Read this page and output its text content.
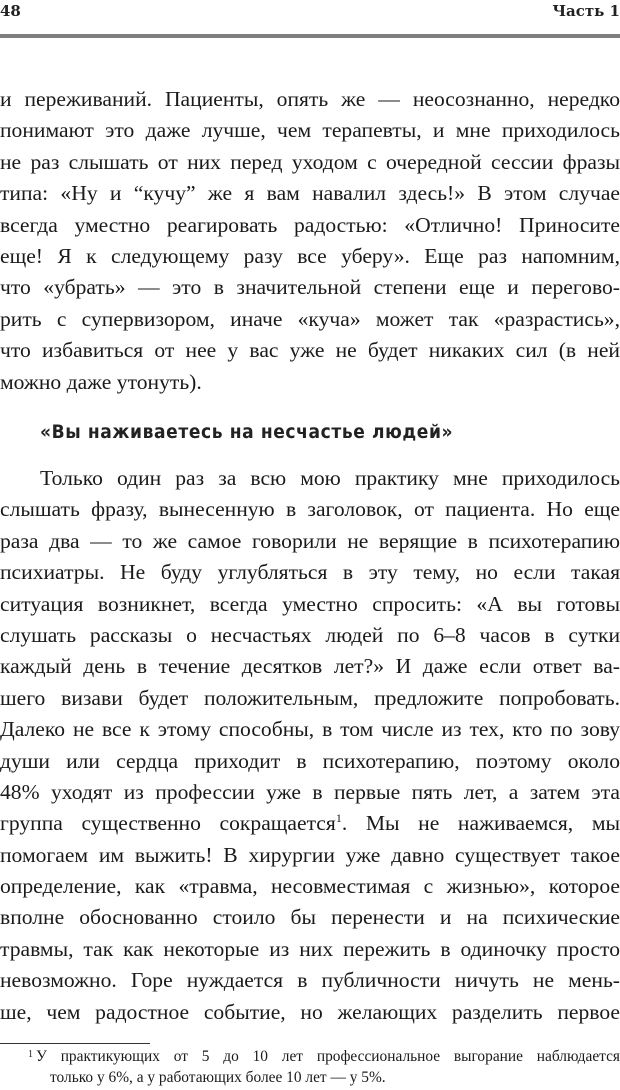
48	Часть 1
и переживаний. Пациенты, опять же — неосознанно, нередко
понимают это даже лучше, чем терапевты, и мне приходилось
не раз слышать от них перед уходом с очередной сессии фразы
типа: «Ну и “кучу” же я вам навалил здесь!» В этом случае
всегда уместно реагировать радостью: «Отлично! Приносите
еще! Я к следующему разу все уберу». Еще раз напомним,
что «убрать» — это в значительной степени еще и перегово-
рить с супервизором, иначе «куча» может так «разрастись»,
что избавиться от нее у вас уже не будет никаких сил (в ней
можно даже утонуть).
«Вы наживаетесь на несчастье людей»
Только один раз за всю мою практику мне приходилось
слышать фразу, вынесенную в заголовок, от пациента. Но еще
раза два — то же самое говорили не верящие в психотерапию
психиатры. Не буду углубляться в эту тему, но если такая
ситуация возникнет, всегда уместно спросить: «А вы готовы
слушать рассказы о несчастьях людей по 6–8 часов в сутки
каждый день в течение десятков лет?» И даже если ответ ва-
шего визави будет положительным, предложите попробовать.
Далеко не все к этому способны, в том числе из тех, кто по зову
души или сердца приходит в психотерапию, поэтому около
48% уходят из профессии уже в первые пять лет, а затем эта
группа существенно сокращается$^1$. Мы не наживаемся, мы
помогаем им выжить! В хирургии уже давно существует такое
определение, как «травма, несовместимая с жизнью», которое
вполне обоснованно стоило бы перенести и на психические
травмы, так как некоторые из них пережить в одиночку просто
невозможно. Горе нуждается в публичности ничуть не мень-
ше, чем радостное событие, но желающих разделить первое
1 У практикующих от 5 до 10 лет профессиональное выгорание наблюдается
только у 6%, а у работающих более 10 лет — у 5%.
